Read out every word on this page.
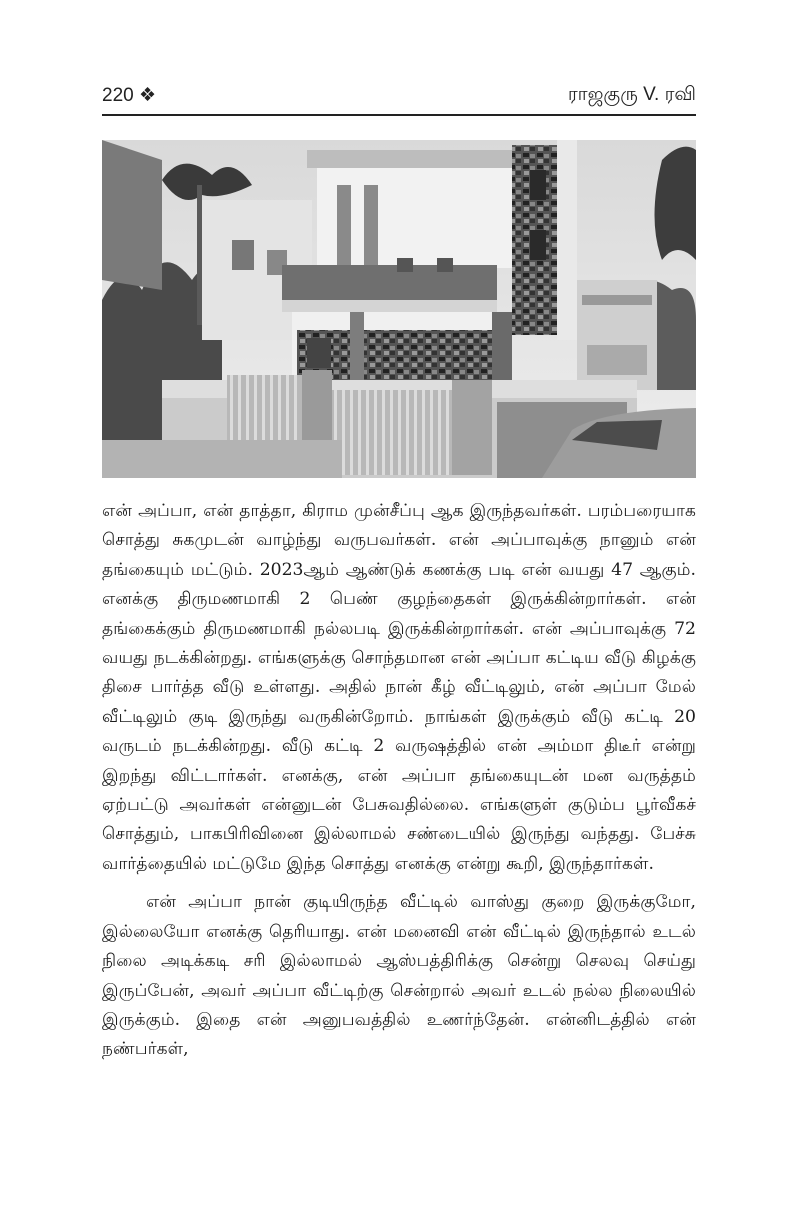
220 ❖	ராஜகுரு V. ரவி

என் அப்பா, என் தாத்தா, கிராம முன்சீப்பு ஆக இருந்தவர்கள். பரம்பரையாக சொத்து சுகமுடன் வாழ்ந்து வருபவர்கள். என் அப்பாவுக்கு நானும் என் தங்கையும் மட்டும். 2023ஆம் ஆண்டுக் கணக்கு படி என் வயது 47 ஆகும். எனக்கு திருமணமாகி 2 பெண் குழந்தைகள் இருக்கின்றார்கள். என் தங்கைக்கும் திருமணமாகி நல்லபடி இருக்கின்றார்கள். என் அப்பாவுக்கு 72 வயது நடக்கின்றது. எங்களுக்கு சொந்தமான என் அப்பா கட்டிய வீடு கிழக்கு திசை பார்த்த வீடு உள்ளது. அதில் நான் கீழ் வீட்டிலும், என் அப்பா மேல் வீட்டிலும் குடி இருந்து வருகின்றோம். நாங்கள் இருக்கும் வீடு கட்டி 20 வருடம் நடக்கின்றது. வீடு கட்டி 2 வருஷத்தில் என் அம்மா திடீர் என்று இறந்து விட்டார்கள். எனக்கு, என் அப்பா தங்கையுடன் மன வருத்தம் ஏற்பட்டு அவர்கள் என்னுடன் பேசுவதில்லை. எங்களுள் குடும்ப பூர்வீகச் சொத்தும், பாகபிரிவினை இல்லாமல் சண்டையில் இருந்து வந்தது. பேச்சு வார்த்தையில் மட்டுமே இந்த சொத்து எனக்கு என்று கூறி, இருந்தார்கள்.

என் அப்பா நான் குடியிருந்த வீட்டில் வாஸ்து குறை இருக்குமோ, இல்லையோ எனக்கு தெரியாது. என் மனைவி என் வீட்டில் இருந்தால் உடல் நிலை அடிக்கடி சரி இல்லாமல் ஆஸ்பத்திரிக்கு சென்று செலவு செய்து இருப்பேன், அவர் அப்பா வீட்டிற்கு சென்றால் அவர் உடல் நல்ல நிலையில் இருக்கும். இதை என் அனுபவத்தில் உணர்ந்தேன். என்னிடத்தில் என் நண்பர்கள்,
